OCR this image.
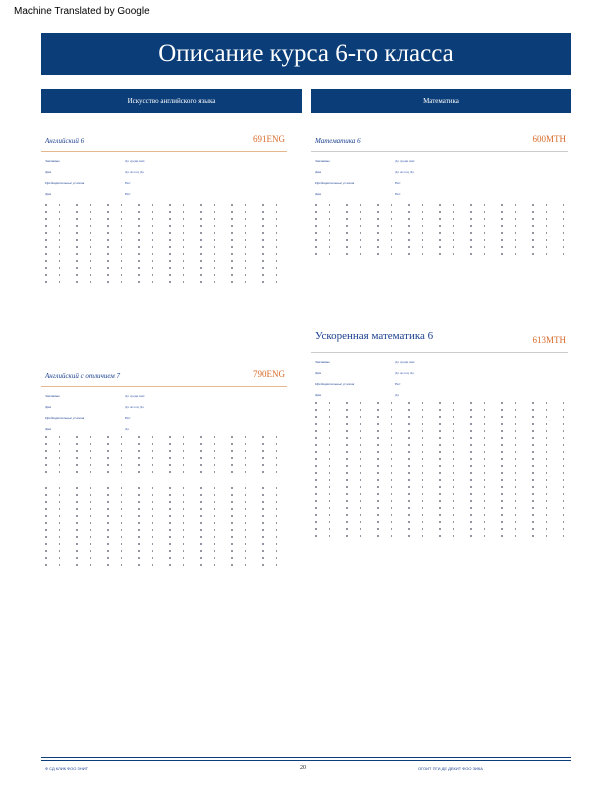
Machine Translated by Google
Описание курса 6-го класса
Искусство английского языка	Математика
Английский 6	691ENG
Значимые	Да среди них
Дни	Да Ассоц Да
Предварительные условия	Нет
Дни	Нет
Математика 6	600MTH
Значимые	Да среди них
Дни	Да Ассоц Да
Предварительные условия	Нет
Дни	Нет
Английский с отличием 7	790ENG
Значимые	Да среди них
Дни	Да Ассоц Да
Предварительные условия	Нет
Дни	Да
Ускоренная математика 6	613MTH
Значимые	Да среди них
Дни	Да Ассоц Да
Предварительные условия	Нет
Дни	Да
Ф СД КЛИК ФОО ЗНИТ	20	ОГОИТ ПГИ ДЕ ДЕКИТ ФОО ЗИКА
